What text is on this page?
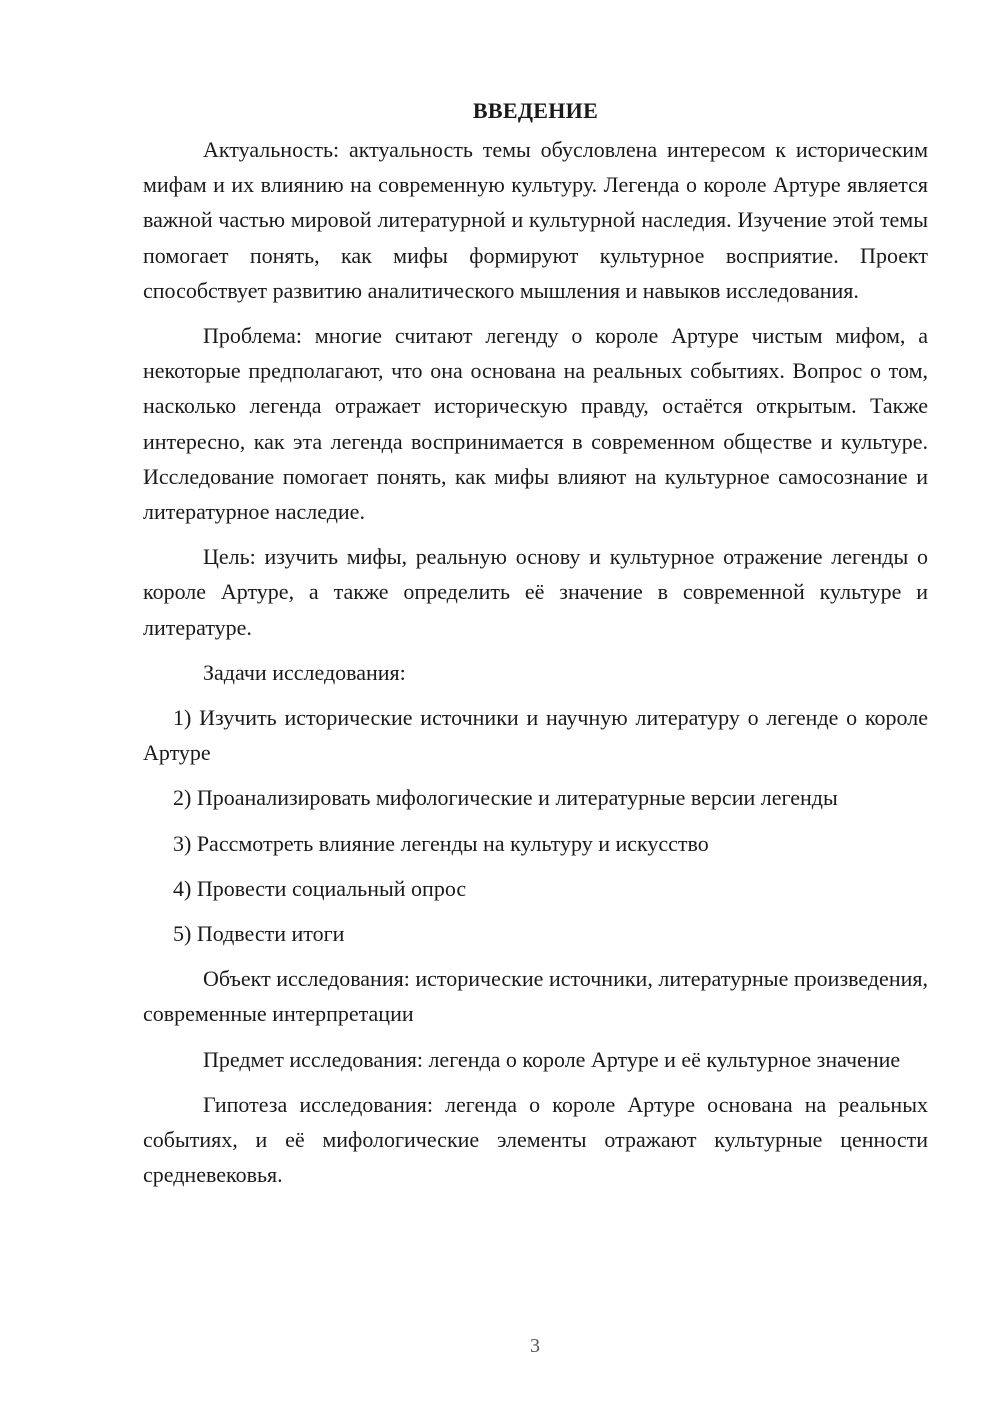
ВВЕДЕНИЕ

Актуальность: актуальность темы обусловлена интересом к историческим мифам и их влиянию на современную культуру. Легенда о короле Артуре является важной частью мировой литературной и культурной наследия. Изучение этой темы помогает понять, как мифы формируют культурное восприятие. Проект способствует развитию аналитического мышления и навыков исследования.

Проблема: многие считают легенду о короле Артуре чистым мифом, а некоторые предполагают, что она основана на реальных событиях. Вопрос о том, насколько легенда отражает историческую правду, остаётся открытым. Также интересно, как эта легенда воспринимается в современном обществе и культуре. Исследование помогает понять, как мифы влияют на культурное самосознание и литературное наследие.

Цель: изучить мифы, реальную основу и культурное отражение легенды о короле Артуре, а также определить её значение в современной культуре и литературе.

Задачи исследования:

1) Изучить исторические источники и научную литературу о легенде о короле Артуре

2) Проанализировать мифологические и литературные версии легенды

3) Рассмотреть влияние легенды на культуру и искусство

4) Провести социальный опрос

5) Подвести итоги

Объект исследования: исторические источники, литературные произведения, современные интерпретации

Предмет исследования: легенда о короле Артуре и её культурное значение

Гипотеза исследования: легенда о короле Артуре основана на реальных событиях, и её мифологические элементы отражают культурные ценности средневековья.

3
